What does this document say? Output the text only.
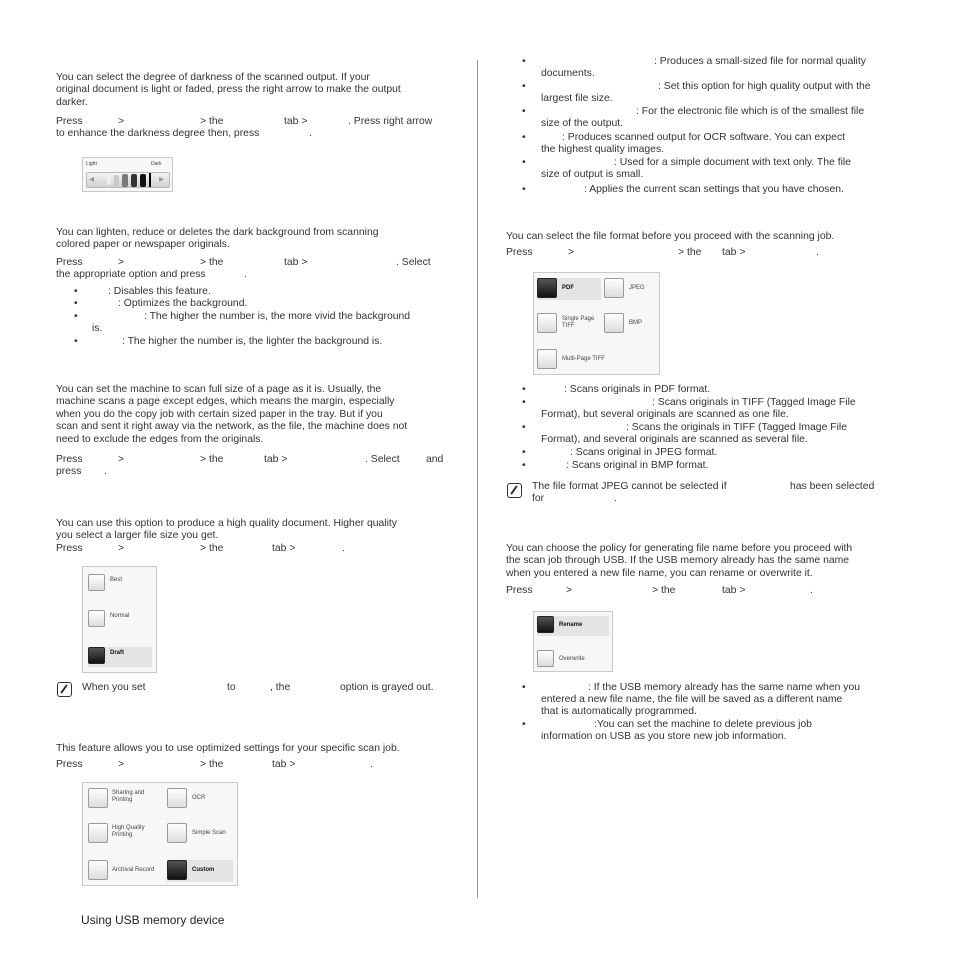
You can select the degree of darkness of the scanned output. If your
original document is light or faded, press the right arrow to make the output
darker.
Press	>	> the	tab >	. Press right arrow
to enhance the darkness degree then, press	.
Light	Dark
◂	▸
You can lighten, reduce or deletes the dark background from scanning
colored paper or newspaper originals.
Press	>	> the	tab >	. Select
the appropriate option and press	.
•	: Disables this feature.
•	: Optimizes the background.
•	: The higher the number is, the more vivid the background
is.
•	: The higher the number is, the lighter the background is.
You can set the machine to scan full size of a page as it is. Usually, the
machine scans a page except edges, which means the margin, especially
when you do the copy job with certain sized paper in the tray. But if you
scan and sent it right away via the network, as the file, the machine does not
need to exclude the edges from the originals.
Press	>	> the	tab >	. Select	and
press .
You can use this option to produce a high quality document. Higher quality
you select a larger file size you get.
Press	>	> the	tab >	.
Best
Normal
Draft
When you set	to	, the	option is grayed out.
This feature allows you to use optimized settings for your specific scan job.
Press	>	> the	tab >	.
Sharing and Printing	OCR
High Quality Printing	Simple Scan
Archival Record	Custom
•	: Produces a small-sized file for normal quality
documents.
•	: Set this option for high quality output with the
largest file size.
•	: For the electronic file which is of the smallest file
size of the output.
•	: Produces scanned output for OCR software. You can expect
the highest quality images.
•	: Used for a simple document with text only. The file
size of output is small.
•	: Applies the current scan settings that you have chosen.
You can select the file format before you proceed with the scanning job.
Press	>	> the tab >	.
PDF	JPEG
Single Page TIFF	BMP
Multi-Page TIFF
•	: Scans originals in PDF format.
•	: Scans originals in TIFF (Tagged Image File
Format), but several originals are scanned as one file.
•	: Scans the originals in TIFF (Tagged Image File
Format), and several originals are scanned as several file.
•	: Scans original in JPEG format.
•	: Scans original in BMP format.
The file format JPEG cannot be selected if	has been selected
for	.
You can choose the policy for generating file name before you proceed with
the scan job through USB. If the USB memory already has the same name
when you entered a new file name, you can rename or overwrite it.
Press	>	> the	tab >	.
Rename
Overwrite
•	: If the USB memory already has the same name when you
entered a new file name, the file will be saved as a different name
that is automatically programmed.
•	:You can set the machine to delete previous job
information on USB as you store new job information.
Using USB memory device
